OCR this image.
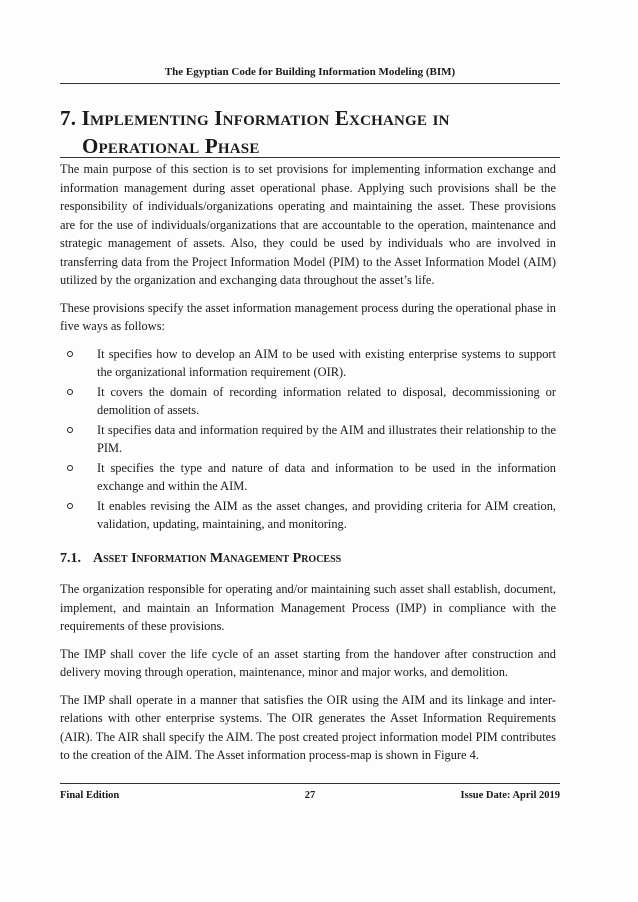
The Egyptian Code for Building Information Modeling (BIM)
7. Implementing Information Exchange in
Operational Phase

The main purpose of this section is to set provisions for implementing information exchange and information management during asset operational phase. Applying such provisions shall be the responsibility of individuals/organizations operating and maintaining the asset. These provisions are for the use of individuals/organizations that are accountable to the operation, maintenance and strategic management of assets. Also, they could be used by individuals who are involved in transferring data from the Project Information Model (PIM) to the Asset Information Model (AIM) utilized by the organization and exchanging data throughout the asset’s life.

These provisions specify the asset information management process during the operational phase in five ways as follows:

It specifies how to develop an AIM to be used with existing enterprise systems to support the organizational information requirement (OIR).
It covers the domain of recording information related to disposal, decommissioning or demolition of assets.
It specifies data and information required by the AIM and illustrates their relationship to the PIM.
It specifies the type and nature of data and information to be used in the information exchange and within the AIM.
It enables revising the AIM as the asset changes, and providing criteria for AIM creation, validation, updating, maintaining, and monitoring.
7.1. Asset Information Management Process

The organization responsible for operating and/or maintaining such asset shall establish, document, implement, and maintain an Information Management Process (IMP) in compliance with the requirements of these provisions.

The IMP shall cover the life cycle of an asset starting from the handover after construction and delivery moving through operation, maintenance, minor and major works, and demolition.

The IMP shall operate in a manner that satisfies the OIR using the AIM and its linkage and inter-relations with other enterprise systems. The OIR generates the Asset Information Requirements (AIR). The AIR shall specify the AIM. The post created project information model PIM contributes to the creation of the AIM. The Asset information process-map is shown in Figure 4.

Final Edition	27	Issue Date: April 2019
